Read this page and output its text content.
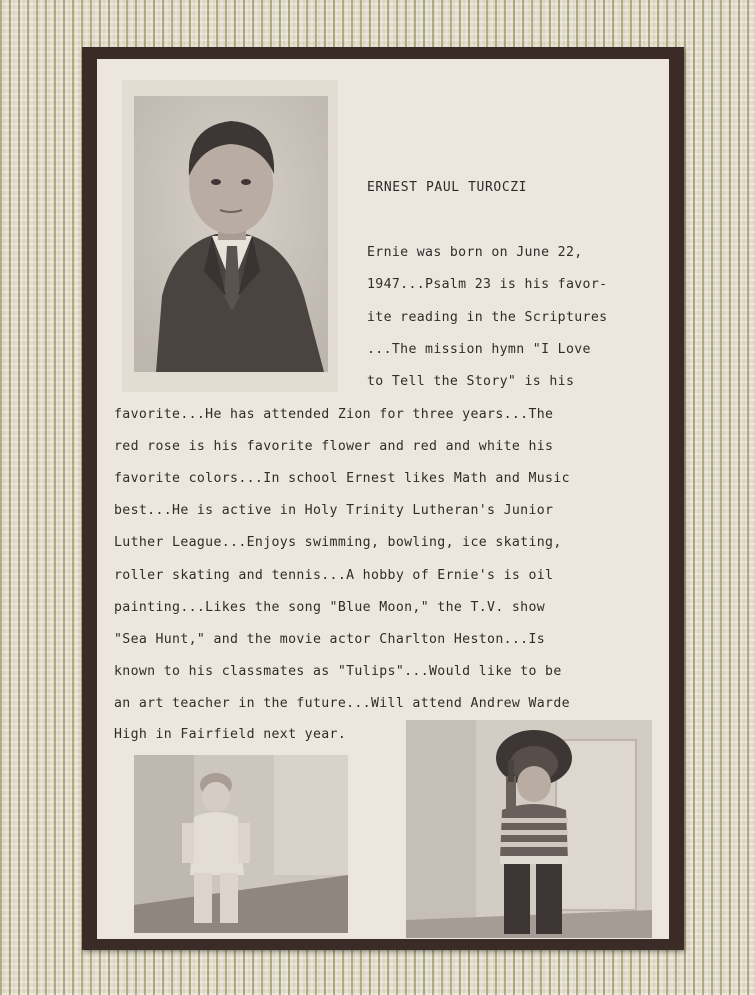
ERNEST PAUL TUROCZI
Ernie was born on June 22,
1947...Psalm 23 is his favor-
ite reading in the Scriptures
...The mission hymn "I Love
to Tell the Story" is his
favorite...He has attended Zion for three years...The
red rose is his favorite flower and red and white his
favorite colors...In school Ernest likes Math and Music
best...He is active in Holy Trinity Lutheran's Junior
Luther League...Enjoys swimming, bowling, ice skating,
roller skating and tennis...A hobby of Ernie's is oil
painting...Likes the song "Blue Moon," the T.V. show
"Sea Hunt," and the movie actor Charlton Heston...Is
known to his classmates as "Tulips"...Would like to be
an art teacher in the future...Will attend Andrew Warde
High in Fairfield next year.
